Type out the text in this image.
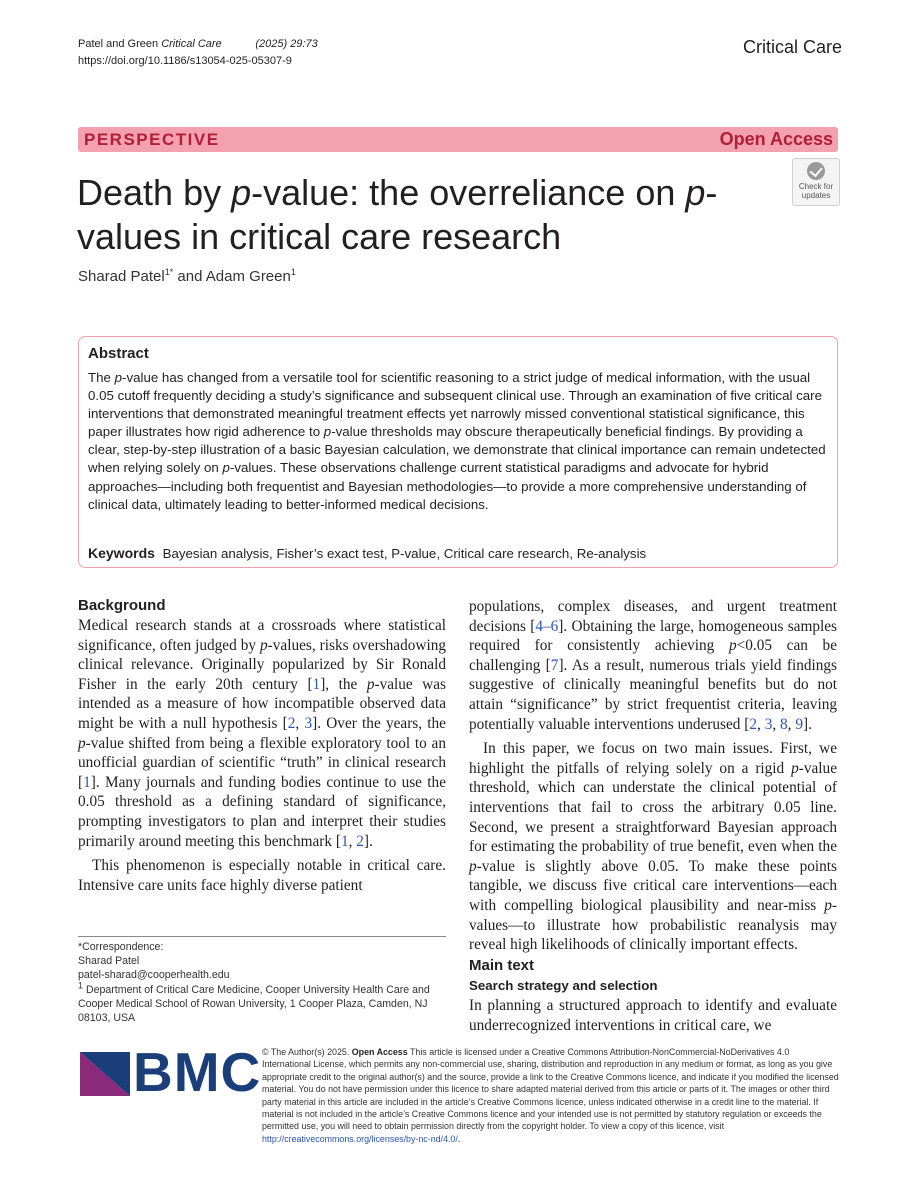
Patel and Green Critical Care	(2025) 29:73
https://doi.org/10.1186/s13054-025-05307-9
Critical Care
PERSPECTIVE	Open Access
Check for
updates
Death by p-value: the overreliance on p-values in critical care research
Sharad Patel$^{1*}$ and Adam Green$^1$
Abstract
The p-value has changed from a versatile tool for scientific reasoning to a strict judge of medical information, with the usual 0.05 cutoff frequently deciding a study’s significance and subsequent clinical use. Through an examination of five critical care interventions that demonstrated meaningful treatment effects yet narrowly missed conventional statistical significance, this paper illustrates how rigid adherence to p-value thresholds may obscure therapeutically beneficial findings. By providing a clear, step-by-step illustration of a basic Bayesian calculation, we demonstrate that clinical importance can remain undetected when relying solely on p-values. These observations challenge current statistical paradigms and advocate for hybrid approaches—including both frequentist and Bayesian methodologies—to provide a more comprehensive understanding of clinical data, ultimately leading to better-informed medical decisions.
Keywords Bayesian analysis, Fisher’s exact test, P-value, Critical care research, Re-analysis
Background

Medical research stands at a crossroads where statistical significance, often judged by p-values, risks overshadowing clinical relevance. Originally popularized by Sir Ronald Fisher in the early 20th century [1], the p-value was intended as a measure of how incompatible observed data might be with a null hypothesis [2, 3]. Over the years, the p-value shifted from being a flexible exploratory tool to an unofficial guardian of scientific “truth” in clinical research [1]. Many journals and funding bodies continue to use the 0.05 threshold as a defining standard of significance, prompting investigators to plan and interpret their studies primarily around meeting this benchmark [1, 2].

This phenomenon is especially notable in critical care. Intensive care units face highly diverse patient

populations, complex diseases, and urgent treatment decisions [4–6]. Obtaining the large, homogeneous samples required for consistently achieving p<0.05 can be challenging [7]. As a result, numerous trials yield findings suggestive of clinically meaningful benefits but do not attain “significance” by strict frequentist criteria, leaving potentially valuable interventions underused [2, 3, 8, 9].

In this paper, we focus on two main issues. First, we highlight the pitfalls of relying solely on a rigid p-value threshold, which can understate the clinical potential of interventions that fail to cross the arbitrary 0.05 line. Second, we present a straightforward Bayesian approach for estimating the probability of true benefit, even when the p-value is slightly above 0.05. To make these points tangible, we discuss five critical care interventions—each with compelling biological plausibility and near-miss p-values—to illustrate how probabilistic reanalysis may reveal high likelihoods of clinically important effects.

Main text
Search strategy and selection

In planning a structured approach to identify and evaluate underrecognized interventions in critical care, we

*Correspondence:
Sharad Patel
patel-sharad@cooperhealth.edu
$^1$ Department of Critical Care Medicine, Cooper University Health Care and Cooper Medical School of Rowan University, 1 Cooper Plaza, Camden, NJ 08103, USA
BMC © The Author(s) 2025. Open Access This article is licensed under a Creative Commons Attribution-NonCommercial-NoDerivatives 4.0 International License, which permits any non-commercial use, sharing, distribution and reproduction in any medium or format, as long as you give appropriate credit to the original author(s) and the source, provide a link to the Creative Commons licence, and indicate if you modified the licensed material. You do not have permission under this licence to share adapted material derived from this article or parts of it. The images or other third party material in this article are included in the article’s Creative Commons licence, unless indicated otherwise in a credit line to the material. If material is not included in the article’s Creative Commons licence and your intended use is not permitted by statutory regulation or exceeds the permitted use, you will need to obtain permission directly from the copyright holder. To view a copy of this licence, visit http://creativecommons.org/licenses/by-nc-nd/4.0/.
